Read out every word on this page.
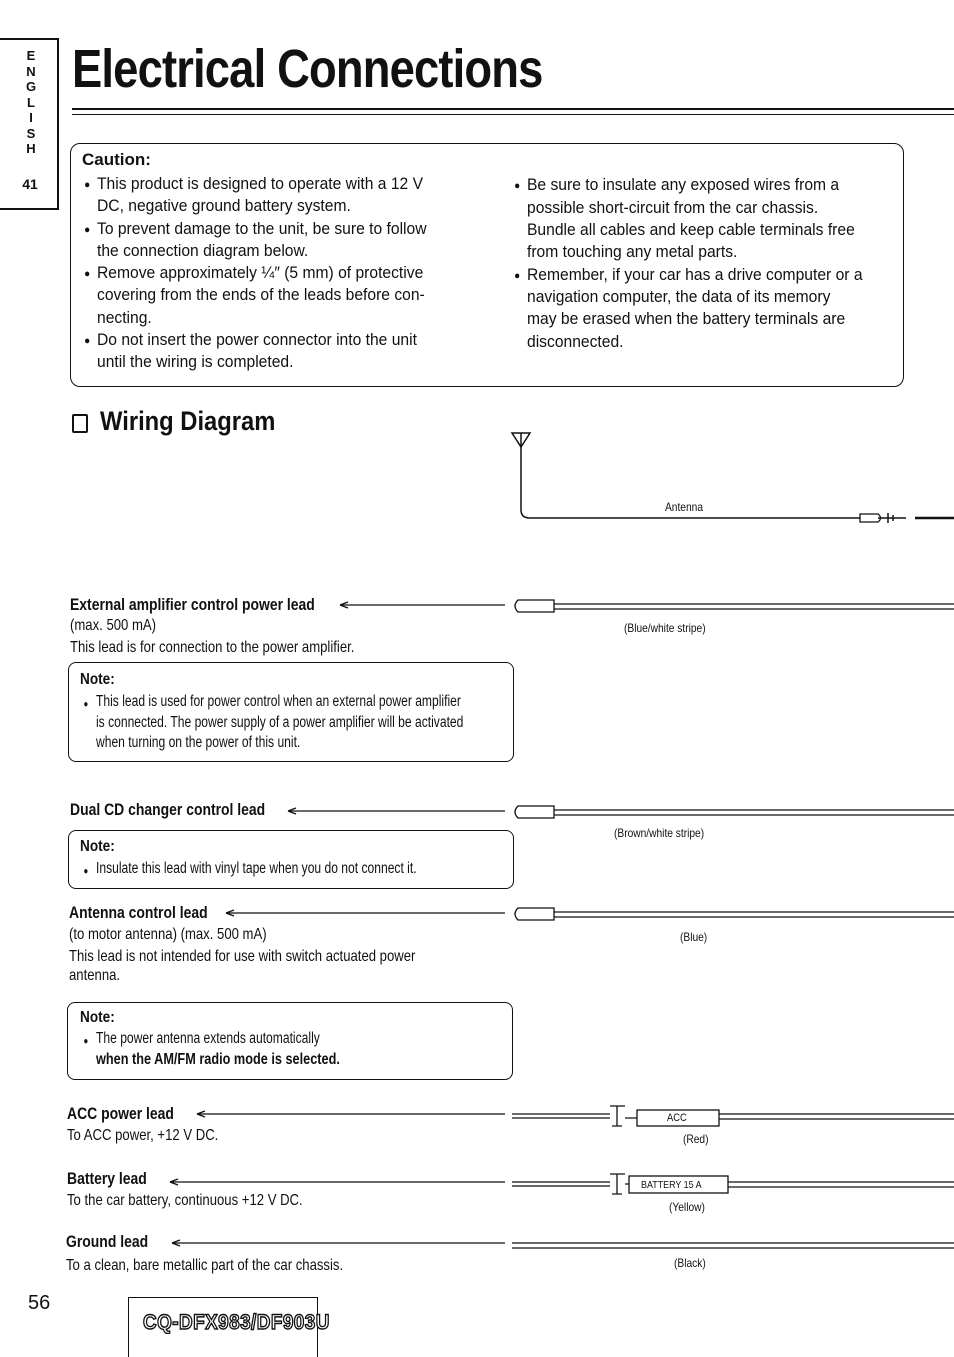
E
N
G
L
I
S
H
41
Electrical Connections
Caution:
● This product is designed to operate with a 12 V
DC, negative ground battery system.
● To prevent damage to the unit, be sure to follow
the connection diagram below.
● Remove approximately ¼″ (5 mm) of protective
covering from the ends of the leads before con-
necting.
● Do not insert the power connector into the unit
until the wiring is completed.
● Be sure to insulate any exposed wires from a
possible short-circuit from the car chassis.
Bundle all cables and keep cable terminals free
from touching any metal parts.
● Remember, if your car has a drive computer or a
navigation computer, the data of its memory
may be erased when the battery terminals are
disconnected.
Wiring Diagram
Antenna
External amplifier control power lead
(max. 500 mA)
This lead is for connection to the power amplifier.
(Blue/white stripe)
Note:
● This lead is used for power control when an external power amplifier
is connected. The power supply of a power amplifier will be activated
when turning on the power of this unit.
Dual CD changer control lead
(Brown/white stripe)
Note:
● Insulate this lead with vinyl tape when you do not connect it.
Antenna control lead
(to motor antenna) (max. 500 mA)
This lead is not intended for use with switch actuated power
antenna.
(Blue)
Note:
● The power antenna extends automatically
when the AM/FM radio mode is selected.
ACC power lead
To ACC power, +12 V DC.
ACC
(Red)
Battery lead
To the car battery, continuous +12 V DC.
BATTERY 15 A
(Yellow)
Ground lead
To a clean, bare metallic part of the car chassis.	(Black)
56
CQ-DFX983/DF903U
